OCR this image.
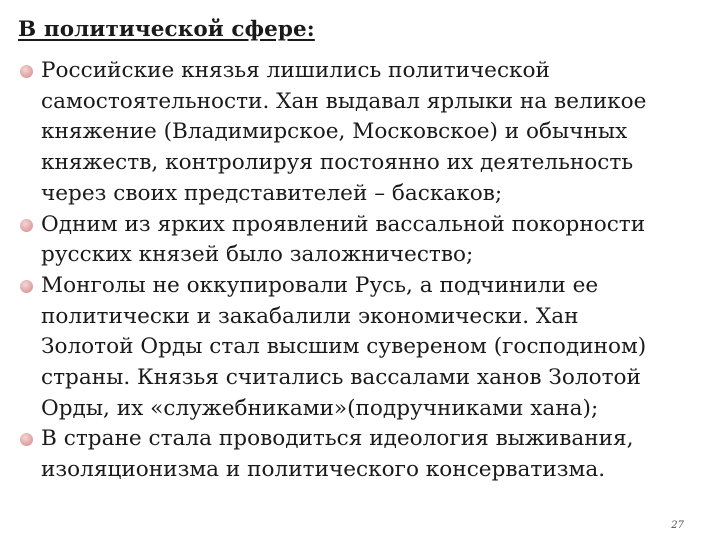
В политической сфере:
Российские князья лишились политической
самостоятельности. Хан выдавал ярлыки на великое
княжение (Владимирское, Московское) и обычных
княжеств, контролируя постоянно их деятельность
через своих представителей – баскаков;
Одним из ярких проявлений вассальной покорности
русских князей было заложничество;
Монголы не оккупировали Русь, а подчинили ее
политически и закабалили экономически. Хан
Золотой Орды стал высшим сувереном (господином)
страны. Князья считались вассалами ханов Золотой
Орды, их «служебниками»(подручниками хана);
В стране стала проводиться идеология выживания,
изоляционизма и политического консерватизма.
27
